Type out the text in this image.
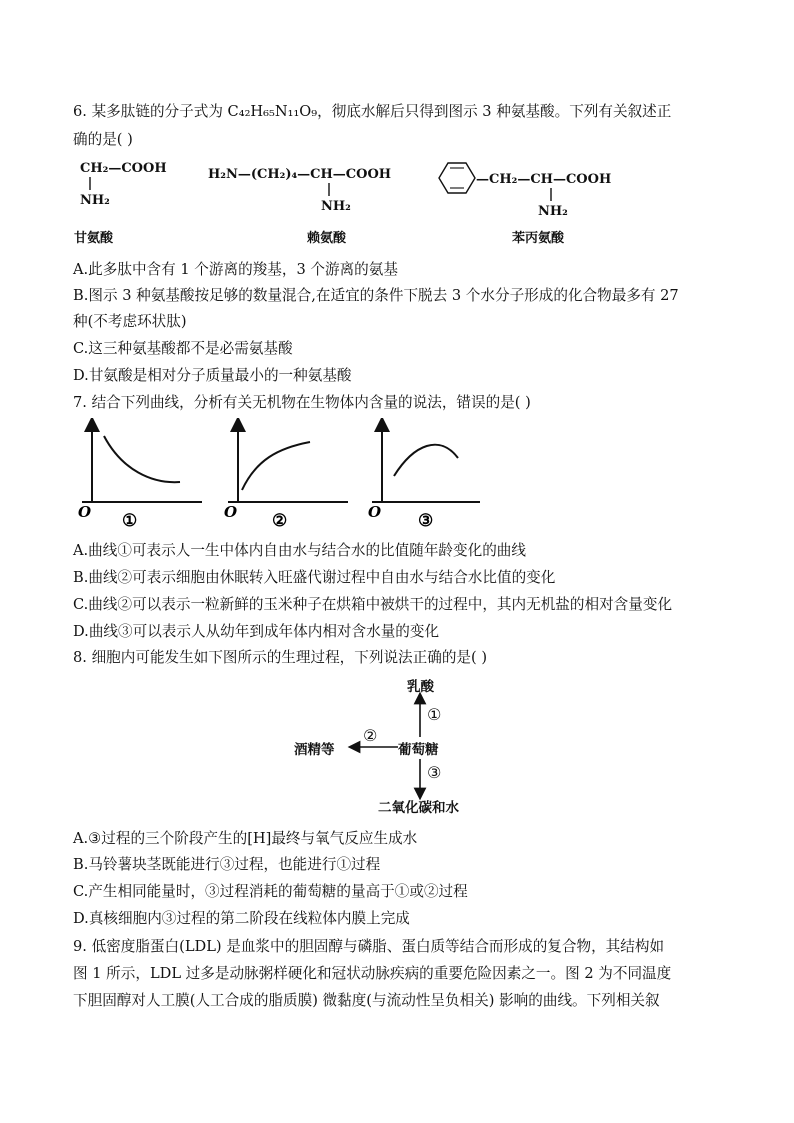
6. 某多肽链的分子式为 C₄₂H₆₅N₁₁O₉，彻底水解后只得到图示 3 种氨基酸。下列有关叙述正
确的是( )
CH₂—COOH
NH₂
甘氨酸
H₂N—(CH₂)₄—CH—COOH
NH₂
赖氨酸
—CH₂—CH—COOH
NH₂
苯丙氨酸
A.此多肽中含有 1 个游离的羧基，3 个游离的氨基
B.图示 3 种氨基酸按足够的数量混合,在适宜的条件下脱去 3 个水分子形成的化合物最多有 27
种(不考虑环状肽)
C.这三种氨基酸都不是必需氨基酸
D.甘氨酸是相对分子质量最小的一种氨基酸
7. 结合下列曲线，分析有关无机物在生物体内含量的说法，错误的是( )
O ①	O ②	O ③
A.曲线①可表示人一生中体内自由水与结合水的比值随年龄变化的曲线
B.曲线②可表示细胞由休眠转入旺盛代谢过程中自由水与结合水比值的变化
C.曲线②可以表示一粒新鲜的玉米种子在烘箱中被烘干的过程中，其内无机盐的相对含量变化
D.曲线③可以表示人从幼年到成年体内相对含水量的变化
8. 细胞内可能发生如下图所示的生理过程，下列说法正确的是( )
乳酸
①
②
酒精等	葡萄糖
③
二氧化碳和水
A.③过程的三个阶段产生的[H]最终与氧气反应生成水
B.马铃薯块茎既能进行③过程，也能进行①过程
C.产生相同能量时，③过程消耗的葡萄糖的量高于①或②过程
D.真核细胞内③过程的第二阶段在线粒体内膜上完成
9. 低密度脂蛋白(LDL) 是血浆中的胆固醇与磷脂、蛋白质等结合而形成的复合物，其结构如
图 1 所示，LDL 过多是动脉粥样硬化和冠状动脉疾病的重要危险因素之一。图 2 为不同温度
下胆固醇对人工膜(人工合成的脂质膜) 微黏度(与流动性呈负相关) 影响的曲线。下列相关叙
